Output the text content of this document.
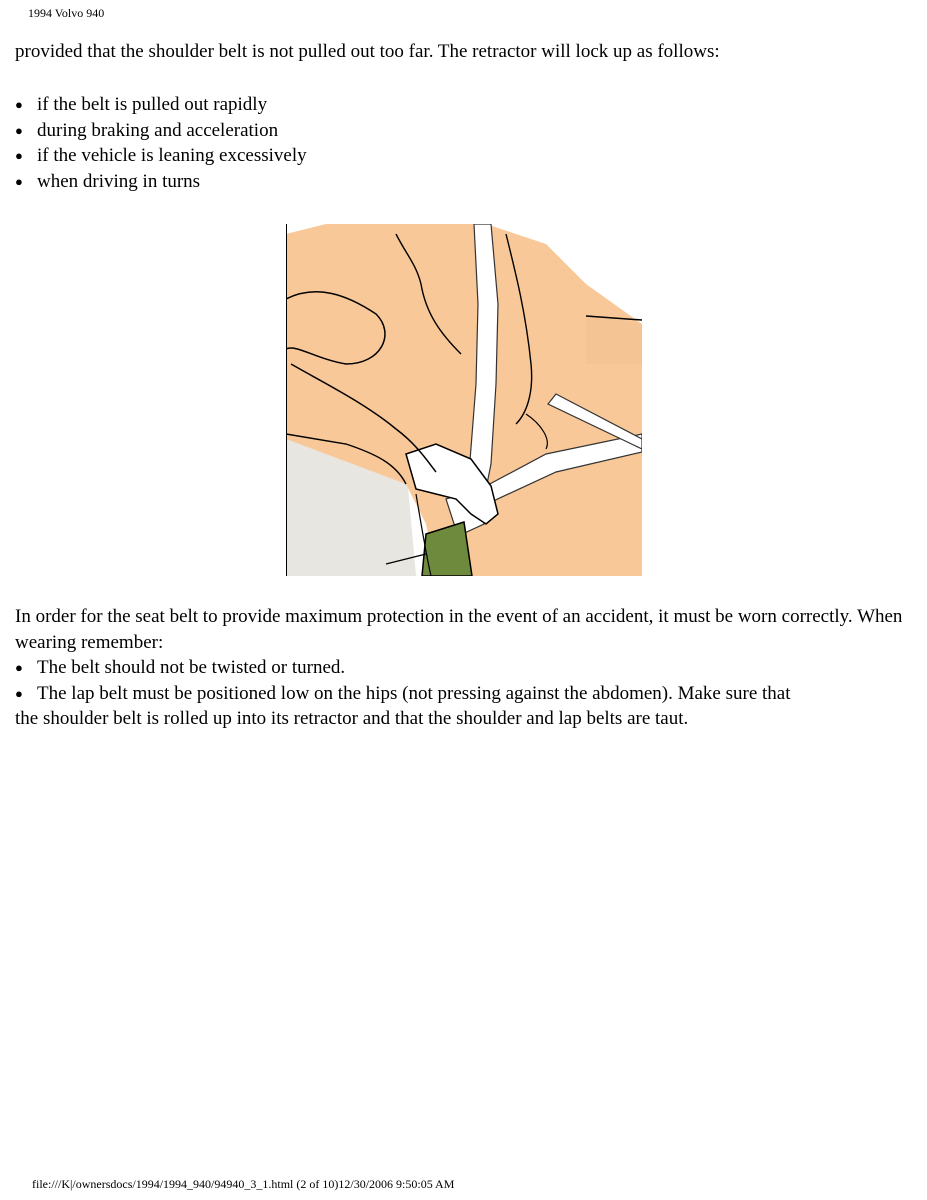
1994 Volvo 940
provided that the shoulder belt is not pulled out too far. The retractor will lock up as follows:
● if the belt is pulled out rapidly
● during braking and acceleration
● if the vehicle is leaning excessively
● when driving in turns

In order for the seat belt to provide maximum protection in the event of an accident, it must be worn correctly. When wearing remember:

● The belt should not be twisted or turned.

● The lap belt must be positioned low on the hips (not pressing against the abdomen). Make sure that

the shoulder belt is rolled up into its retractor and that the shoulder and lap belts are taut.

file:///K|/ownersdocs/1994/1994_940/94940_3_1.html (2 of 10)12/30/2006 9:50:05 AM
